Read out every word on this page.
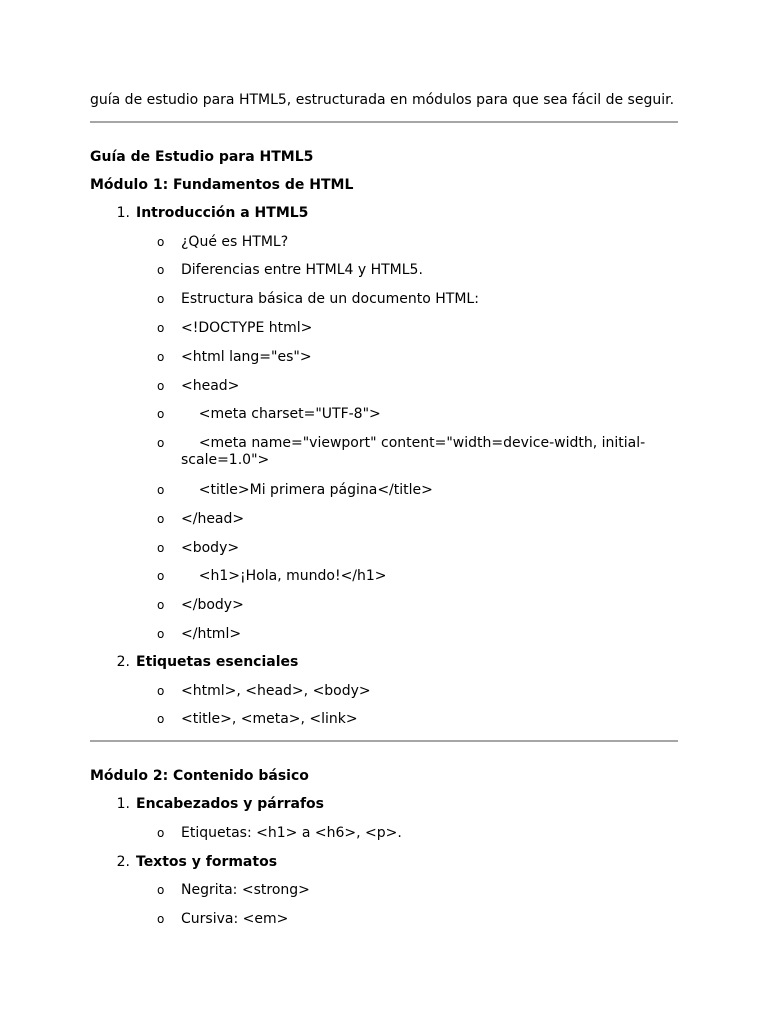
guía de estudio para HTML5, estructurada en módulos para que sea fácil de seguir.
Guía de Estudio para HTML5
Módulo 1: Fundamentos de HTML
1. Introducción a HTML5
o ¿Qué es HTML?
o Diferencias entre HTML4 y HTML5.
o Estructura básica de un documento HTML:
o <!DOCTYPE html>
o <html lang="es">
o <head>
o <meta charset="UTF-8">
o <meta name="viewport" content="width=device-width, initial-scale=1.0">
o <title>Mi primera página</title>
o </head>
o <body>
o <h1>¡Hola, mundo!</h1>
o </body>
o </html>
2. Etiquetas esenciales
o <html>, <head>, <body>
o <title>, <meta>, <link>
Módulo 2: Contenido básico
1. Encabezados y párrafos
o Etiquetas: <h1> a <h6>, <p>.
2. Textos y formatos
o Negrita: <strong>
o Cursiva: <em>
